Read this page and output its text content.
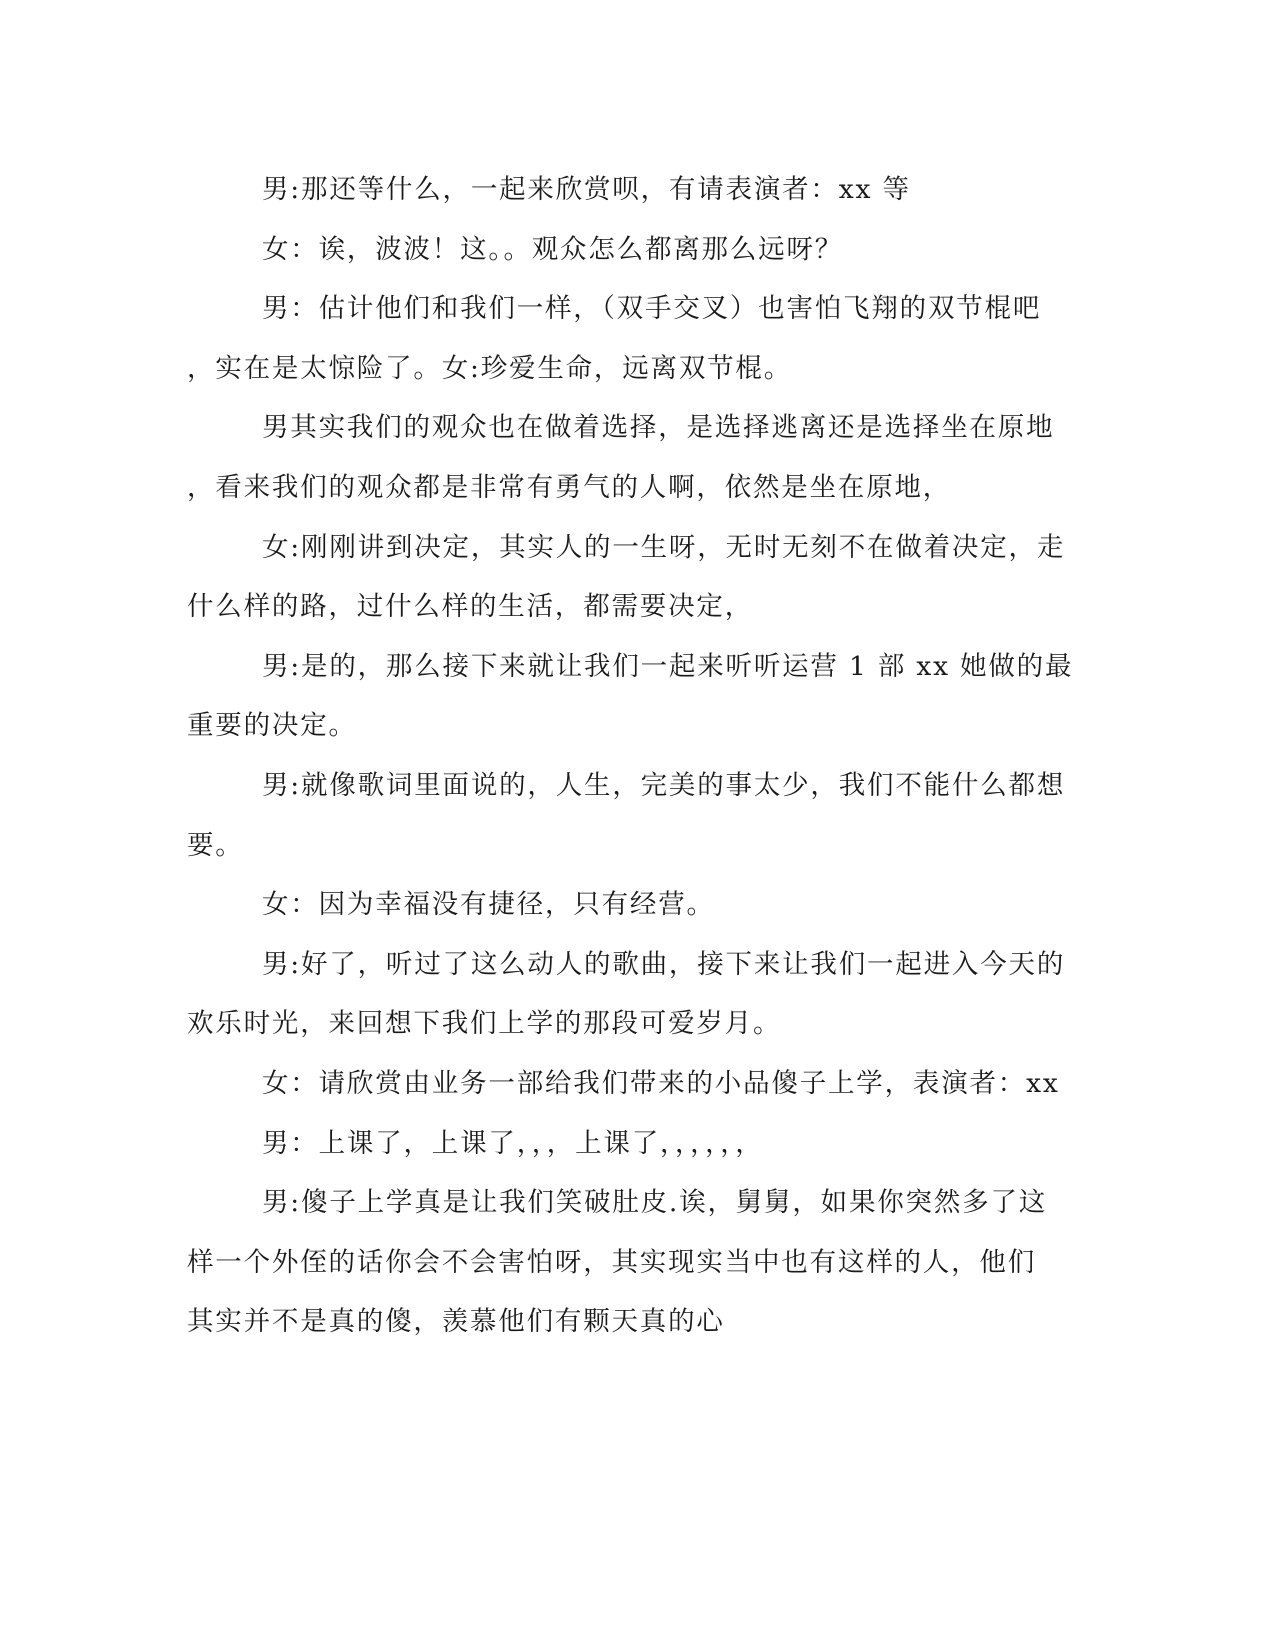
男:那还等什么，一起来欣赏呗，有请表演者：xx 等
女：诶，波波！这。。观众怎么都离那么远呀？
男：估计他们和我们一样，（双手交叉）也害怕飞翔的双节棍吧
，实在是太惊险了。女:珍爱生命，远离双节棍。
男其实我们的观众也在做着选择，是选择逃离还是选择坐在原地
，看来我们的观众都是非常有勇气的人啊，依然是坐在原地，
女:刚刚讲到决定，其实人的一生呀，无时无刻不在做着决定，走
什么样的路，过什么样的生活，都需要决定，
男:是的，那么接下来就让我们一起来听听运营 1 部 xx 她做的最
重要的决定。
男:就像歌词里面说的，人生，完美的事太少，我们不能什么都想
要。
女：因为幸福没有捷径，只有经营。
男:好了，听过了这么动人的歌曲，接下来让我们一起进入今天的
欢乐时光，来回想下我们上学的那段可爱岁月。
女：请欣赏由业务一部给我们带来的小品傻子上学，表演者：xx
男：上课了，上课了，，，上课了，，，，，，
男:傻子上学真是让我们笑破肚皮.诶，舅舅，如果你突然多了这
样一个外侄的话你会不会害怕呀，其实现实当中也有这样的人，他们
其实并不是真的傻，羡慕他们有颗天真的心
